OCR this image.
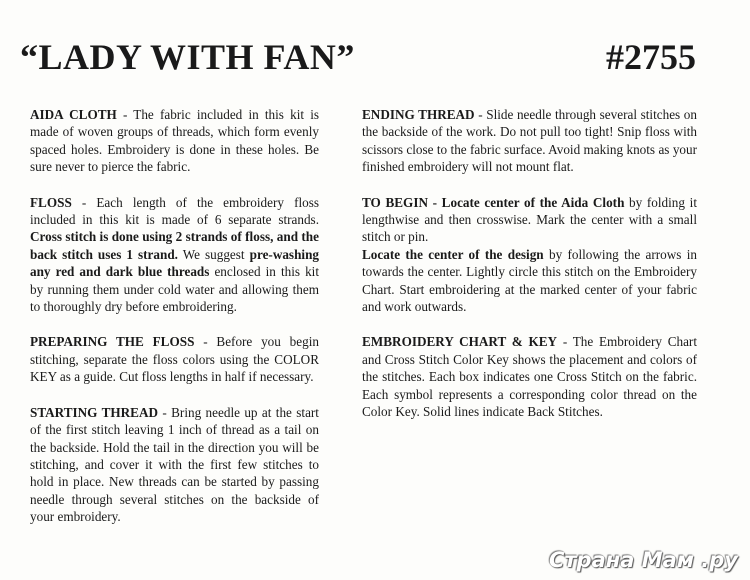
“LADY WITH FAN”	#2755

AIDA CLOTH - The fabric included in this kit is made of woven groups of threads, which form evenly spaced holes. Embroidery is done in these holes. Be sure never to pierce the fabric.

FLOSS - Each length of the embroidery floss included in this kit is made of 6 separate strands. Cross stitch is done using 2 strands of floss, and the back stitch uses 1 strand. We suggest pre-washing any red and dark blue threads enclosed in this kit by running them under cold water and allowing them to thoroughly dry before embroidering.

PREPARING THE FLOSS - Before you begin stitching, separate the floss colors using the COLOR KEY as a guide. Cut floss lengths in half if necessary.

STARTING THREAD - Bring needle up at the start of the first stitch leaving 1 inch of thread as a tail on the backside. Hold the tail in the direction you will be stitching, and cover it with the first few stitches to hold in place. New threads can be started by passing needle through several stitches on the backside of your embroidery.

ENDING THREAD - Slide needle through several stitches on the backside of the work. Do not pull too tight! Snip floss with scissors close to the fabric surface. Avoid making knots as your finished embroidery will not mount flat.

TO BEGIN - Locate center of the Aida Cloth by folding it lengthwise and then crosswise. Mark the center with a small stitch or pin.

Locate the center of the design by following the arrows in towards the center. Lightly circle this stitch on the Embroidery Chart. Start embroidering at the marked center of your fabric and work outwards.

EMBROIDERY CHART & KEY - The Embroidery Chart and Cross Stitch Color Key shows the placement and colors of the stitches. Each box indicates one Cross Stitch on the fabric. Each symbol represents a corresponding color thread on the Color Key. Solid lines indicate Back Stitches.

Страна Мам .ру
